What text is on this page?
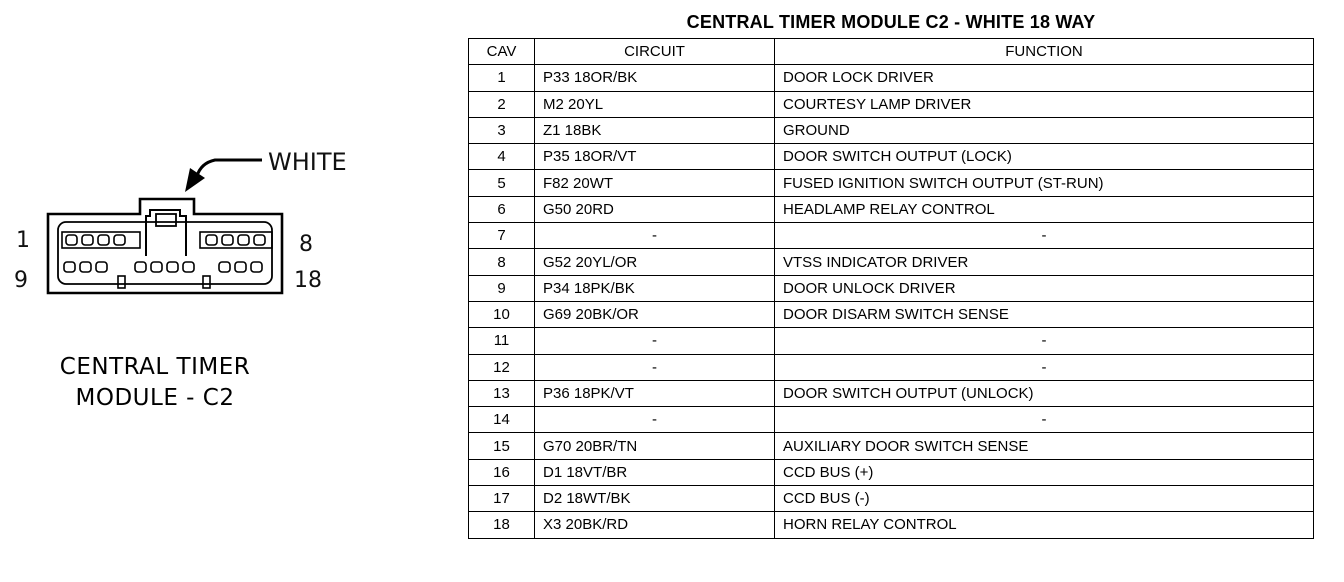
WHITE
1	8
9	18
CENTRAL TIMER
MODULE - C2
CENTRAL TIMER MODULE C2 - WHITE 18 WAY
CAV	CIRCUIT	FUNCTION
1	P33 18OR/BK	DOOR LOCK DRIVER
2	M2 20YL	COURTESY LAMP DRIVER
3	Z1 18BK	GROUND
4	P35 18OR/VT	DOOR SWITCH OUTPUT (LOCK)
5	F82 20WT	FUSED IGNITION SWITCH OUTPUT (ST-RUN)
6	G50 20RD	HEADLAMP RELAY CONTROL
7	-	-
8	G52 20YL/OR	VTSS INDICATOR DRIVER
9	P34 18PK/BK	DOOR UNLOCK DRIVER
10	G69 20BK/OR	DOOR DISARM SWITCH SENSE
11	-	-
12	-	-
13	P36 18PK/VT	DOOR SWITCH OUTPUT (UNLOCK)
14	-	-
15	G70 20BR/TN	AUXILIARY DOOR SWITCH SENSE
16	D1 18VT/BR	CCD BUS (+)
17	D2 18WT/BK	CCD BUS (-)
18	X3 20BK/RD	HORN RELAY CONTROL
